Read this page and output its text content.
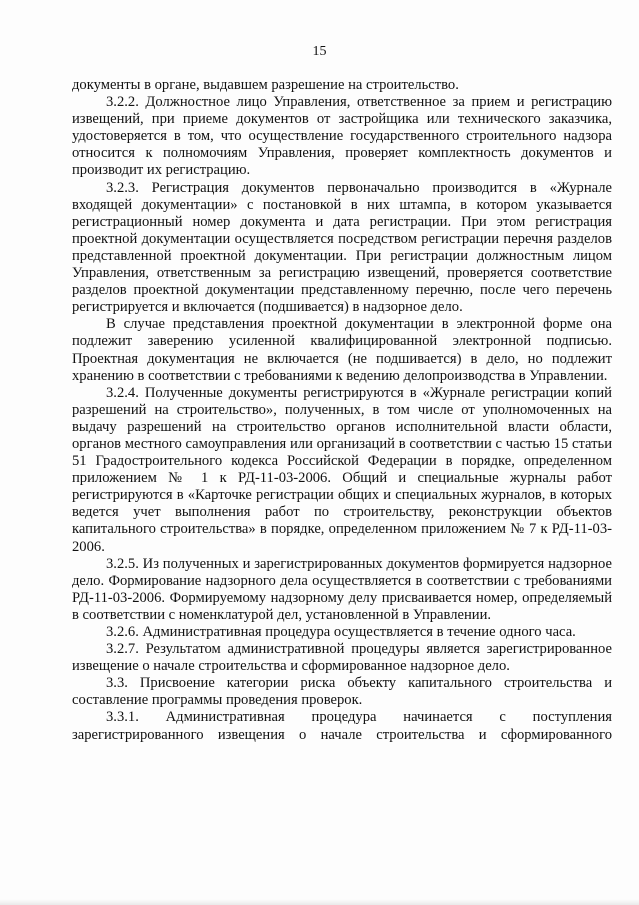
15

документы в органе, выдавшем разрешение на строительство.

3.2.2. Должностное лицо Управления, ответственное за прием и регистрацию извещений, при приеме документов от застройщика или технического заказчика, удостоверяется в том, что осуществление государственного строительного надзора относится к полномочиям Управления, проверяет комплектность документов и производит их регистрацию.

3.2.3. Регистрация документов первоначально производится в «Журнале входящей документации» с постановкой в них штампа, в котором указывается регистрационный номер документа и дата регистрации. При этом регистрация проектной документации осуществляется посредством регистрации перечня разделов представленной проектной документации. При регистрации должностным лицом Управления, ответственным за регистрацию извещений, проверяется соответствие разделов проектной документации представленному перечню, после чего перечень регистрируется и включается (подшивается) в надзорное дело.

В случае представления проектной документации в электронной форме она подлежит заверению усиленной квалифицированной электронной подписью. Проектная документация не включается (не подшивается) в дело, но подлежит хранению в соответствии с требованиями к ведению делопроизводства в Управлении.

3.2.4. Полученные документы регистрируются в «Журнале регистрации копий разрешений на строительство», полученных, в том числе от уполномоченных на выдачу разрешений на строительство органов исполнительной власти области, органов местного самоуправления или организаций в соответствии с частью 15 статьи 51 Градостроительного кодекса Российской Федерации в порядке, определенном приложением № 1 к РД-11-03-2006. Общий и специальные журналы работ регистрируются в «Карточке регистрации общих и специальных журналов, в которых ведется учет выполнения работ по строительству, реконструкции объектов капитального строительства» в порядке, определенном приложением № 7 к РД-11-03-2006.

3.2.5. Из полученных и зарегистрированных документов формируется надзорное дело. Формирование надзорного дела осуществляется в соответствии с требованиями РД-11-03-2006. Формируемому надзорному делу присваивается номер, определяемый в соответствии с номенклатурой дел, установленной в Управлении.

3.2.6. Административная процедура осуществляется в течение одного часа.

3.2.7. Результатом административной процедуры является зарегистрированное извещение о начале строительства и сформированное надзорное дело.

3.3. Присвоение категории риска объекту капитального строительства и составление программы проведения проверок.

3.3.1. Административная процедура начинается с поступления зарегистрированного извещения о начале строительства и сформированного
